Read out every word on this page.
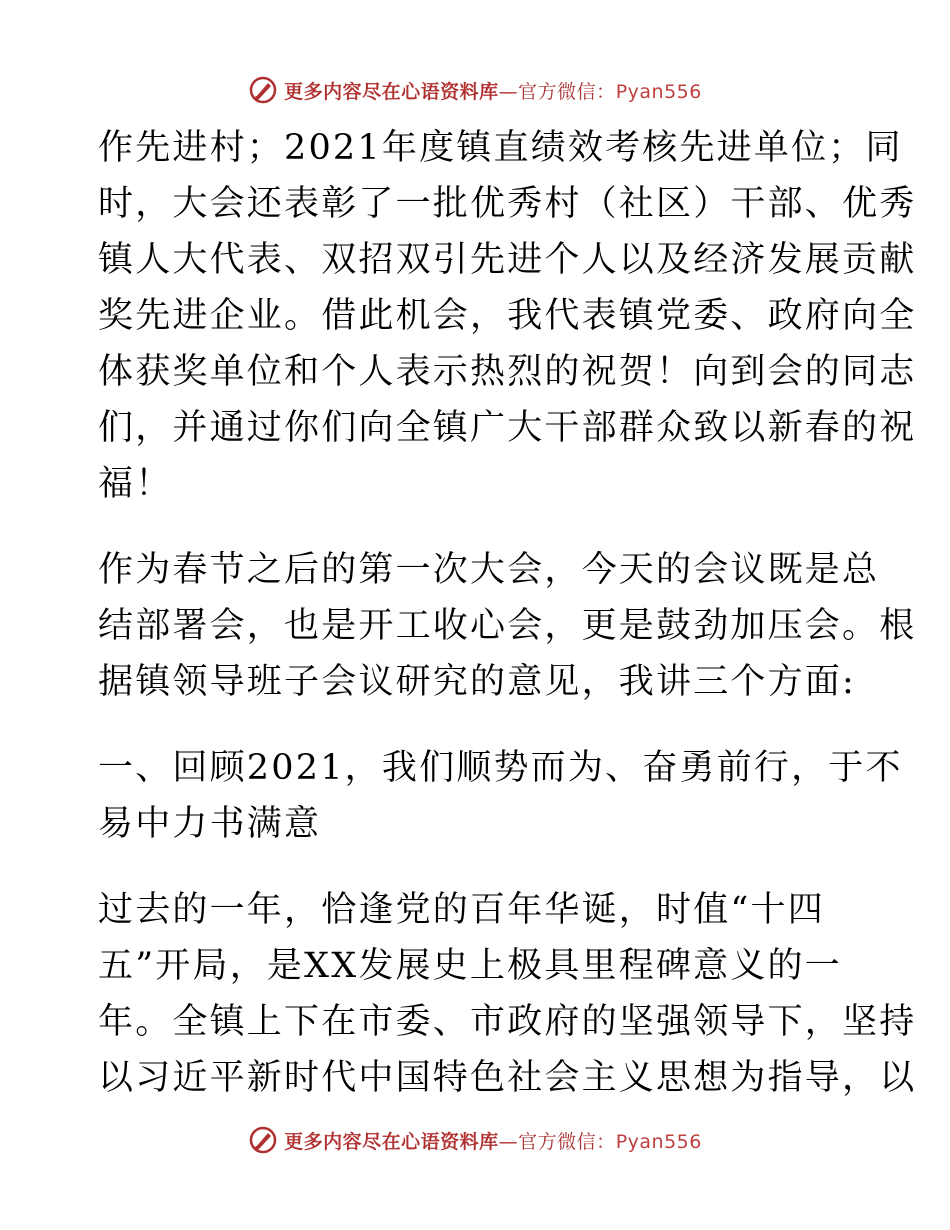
更多内容尽在心语资料库—官方微信：Pyan556
作先进村；2021年度镇直绩效考核先进单位；同
时，大会还表彰了一批优秀村（社区）干部、优秀
镇人大代表、双招双引先进个人以及经济发展贡献
奖先进企业。借此机会，我代表镇党委、政府向全
体获奖单位和个人表示热烈的祝贺！向到会的同志
们，并通过你们向全镇广大干部群众致以新春的祝
福！
作为春节之后的第一次大会，今天的会议既是总
结部署会，也是开工收心会，更是鼓劲加压会。根
据镇领导班子会议研究的意见，我讲三个方面:
一、回顾2021，我们顺势而为、奋勇前行，于不
易中力书满意
过去的一年，恰逢党的百年华诞，时值“十四
五”开局，是XX发展史上极具里程碑意义的一
年。全镇上下在市委、市政府的坚强领导下，坚持
以习近平新时代中国特色社会主义思想为指导，以
更多内容尽在心语资料库—官方微信：Pyan556
